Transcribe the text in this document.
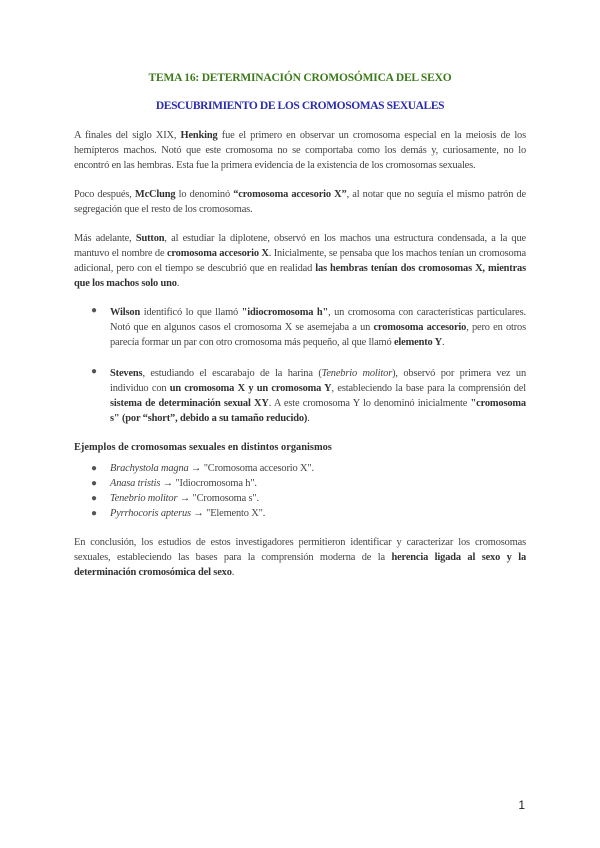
TEMA 16: DETERMINACIÓN CROMOSÓMICA DEL SEXO
DESCUBRIMIENTO DE LOS CROMOSOMAS SEXUALES

A finales del siglo XIX, Henking fue el primero en observar un cromosoma especial en la meiosis de los hemípteros machos. Notó que este cromosoma no se comportaba como los demás y, curiosamente, no lo encontró en las hembras. Esta fue la primera evidencia de la existencia de los cromosomas sexuales.

Poco después, McClung lo denominó “cromosoma accesorio X”, al notar que no seguía el mismo patrón de segregación que el resto de los cromosomas.

Más adelante, Sutton, al estudiar la diplotene, observó en los machos una estructura condensada, a la que mantuvo el nombre de cromosoma accesorio X. Inicialmente, se pensaba que los machos tenían un cromosoma adicional, pero con el tiempo se descubrió que en realidad las hembras tenían dos cromosomas X, mientras que los machos solo uno.

● Wilson identificó lo que llamó "idiocromosoma h", un cromosoma con características particulares. Notó que en algunos casos el cromosoma X se asemejaba a un cromosoma accesorio, pero en otros parecía formar un par con otro cromosoma más pequeño, al que llamó elemento Y.

● Stevens, estudiando el escarabajo de la harina (Tenebrio molitor), observó por primera vez un individuo con un cromosoma X y un cromosoma Y, estableciendo la base para la comprensión del sistema de determinación sexual XY. A este cromosoma Y lo denominó inicialmente "cromosoma s" (por “short”, debido a su tamaño reducido).

Ejemplos de cromosomas sexuales en distintos organismos
● Brachystola magna → "Cromosoma accesorio X".
● Anasa tristis → "Idiocromosoma h".
● Tenebrio molitor → "Cromosoma s".
● Pyrrhocoris apterus → "Elemento X".

En conclusión, los estudios de estos investigadores permitieron identificar y caracterizar los cromosomas sexuales, estableciendo las bases para la comprensión moderna de la herencia ligada al sexo y la determinación cromosómica del sexo.

1
